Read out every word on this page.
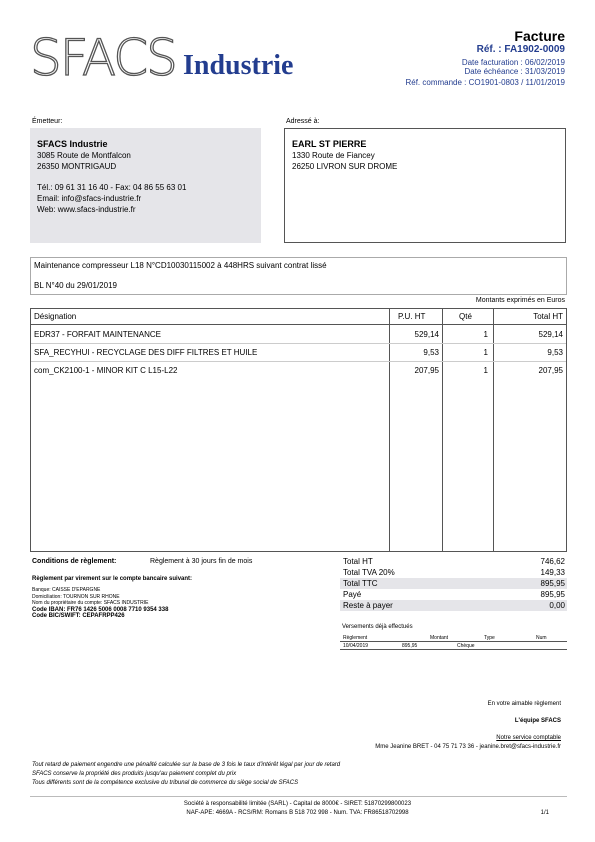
SFACS Industrie
Facture
Réf. : FA1902-0009
Date facturation : 06/02/2019
Date échéance : 31/03/2019
Réf. commande : CO1901-0803 / 11/01/2019
Émetteur:	Adressé à:
SFACS Industrie
3085 Route de Montfalcon
26350 MONTRIGAUD
Tél.: 09 61 31 16 40 - Fax: 04 86 55 63 01
Email: info@sfacs-industrie.fr
Web: www.sfacs-industrie.fr
EARL ST PIERRE
1330 Route de Fiancey
26250 LIVRON SUR DROME
Maintenance compresseur L18 N°CD10030115002 à 448HRS suivant contrat lissé
BL N°40 du 29/01/2019
Montants exprimés en Euros
Désignation	P.U. HT	Qté	Total HT
EDR37 - FORFAIT MAINTENANCE	529,14	1	529,14
SFA_RECYHUI - RECYCLAGE DES DIFF FILTRES ET HUILE	9,53	1	9,53
com_CK2100-1 - MINOR KIT C L15-L22	207,95	1	207,95
Conditions de règlement:	Règlement à 30 jours fin de mois
Règlement par virement sur le compte bancaire suivant:
Banque: CAISSE D'EPARGNE
Domiciliation: TOURNON SUR RHONE
Nom du propriétaire du compte: SFACS INDUSTRIE
Code IBAN: FR76 1426 5006 0008 7710 9354 338
Code BIC/SWIFT: CEPAFRPP426
Total HT	746,62
Total TVA 20%	149,33
Total TTC	895,95
Payé	895,95
Reste à payer	0,00
Versements déjà effectués
Règlement	Montant	Type	Num
10/04/2019	895,95	Chèque
En votre aimable règlement
L'équipe SFACS
Notre service comptable
Mme Jeanine BRET - 04 75 71 73 36 - jeanine.bret@sfacs-industrie.fr
Tout retard de paiement engendre une pénalité calculée sur la base de 3 fois le taux d'intérêt légal par jour de retard
SFACS conserve la propriété des produits jusqu'au paiement complet du prix
Tous différents sont de la compétence exclusive du tribunal de commerce du siège social de SFACS
Société à responsabilité limitée (SARL) - Capital de 8000€ - SIRET: 51870299800023
NAF-APE: 4669A - RCS/RM: Romans B 518 702 998 - Num. TVA: FR86518702998	1/1
